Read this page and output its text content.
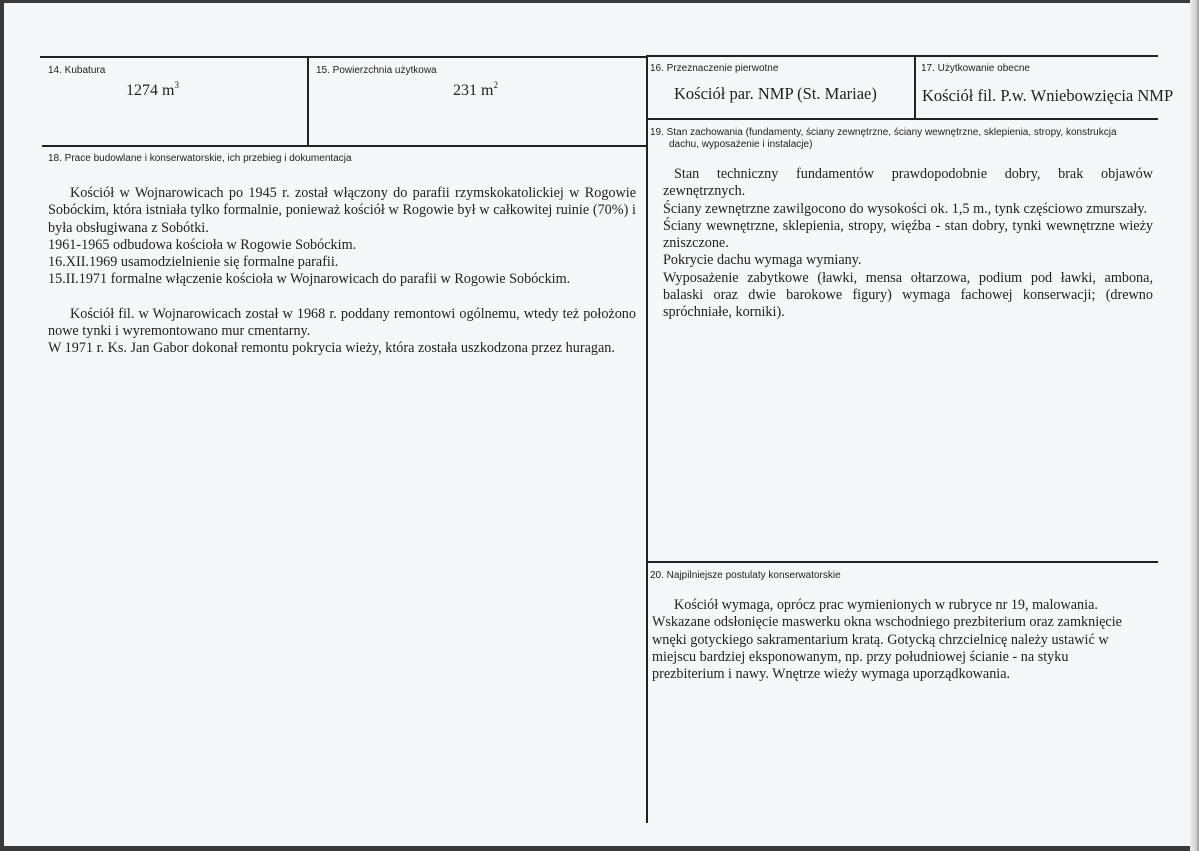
14. Kubatura
1274 $m^3$
15. Powierzchnia użytkowa
231 $m^2$
16. Przeznaczenie pierwotne
Kościół par. NMP (St. Mariae)
17. Użytkowanie obecne
Kościół fil. P.w. Wniebowzięcia NMP
18. Prace budowlane i konserwatorskie, ich przebieg i dokumentacja

Kościół w Wojnarowicach po 1945 r. został włączony do parafii rzymskokatolickiej w Rogowie Sobóckim, która istniała tylko formalnie, ponieważ kościół w Rogowie był w całkowitej ruinie (70%) i była obsługiwana z Sobótki.

1961-1965 odbudowa kościoła w Rogowie Sobóckim.

16.XII.1969 usamodzielnienie się formalne parafii.

15.II.1971 formalne włączenie kościoła w Wojnarowicach do parafii w Rogowie Sobóckim.

Kościół fil. w Wojnarowicach został w 1968 r. poddany remontowi ogólnemu, wtedy też położono nowe tynki i wyremontowano mur cmentarny.

W 1971 r. Ks. Jan Gabor dokonał remontu pokrycia wieży, która została uszkodzona przez huragan.

19. Stan zachowania (fundamenty, ściany zewnętrzne, ściany wewnętrzne, sklepienia, stropy, konstrukcja
dachu, wyposażenie i instalacje)

Stan techniczny fundamentów prawdopodobnie dobry, brak objawów zewnętrznych.

Ściany zewnętrzne zawilgocono do wysokości ok. 1,5 m., tynk częściowo zmurszały.

Ściany wewnętrzne, sklepienia, stropy, więźba - stan dobry, tynki wewnętrzne wieży zniszczone.

Pokrycie dachu wymaga wymiany.

Wyposażenie zabytkowe (ławki, mensa ołtarzowa, podium pod ławki, ambona, balaski oraz dwie barokowe figury) wymaga fachowej konserwacji; (drewno spróchniałe, korniki).

20. Najpilniejsze postulaty konserwatorskie

Kościół wymaga, oprócz prac wymienionych w rubryce nr 19, malowania.

Wskazane odsłonięcie maswerku okna wschodniego prezbiterium oraz zamknięcie wnęki gotyckiego sakramentarium kratą. Gotycką chrzcielnicę należy ustawić w miejscu bardziej eksponowanym, np. przy południowej ścianie - na styku prezbiterium i nawy. Wnętrze wieży wymaga uporządkowania.
